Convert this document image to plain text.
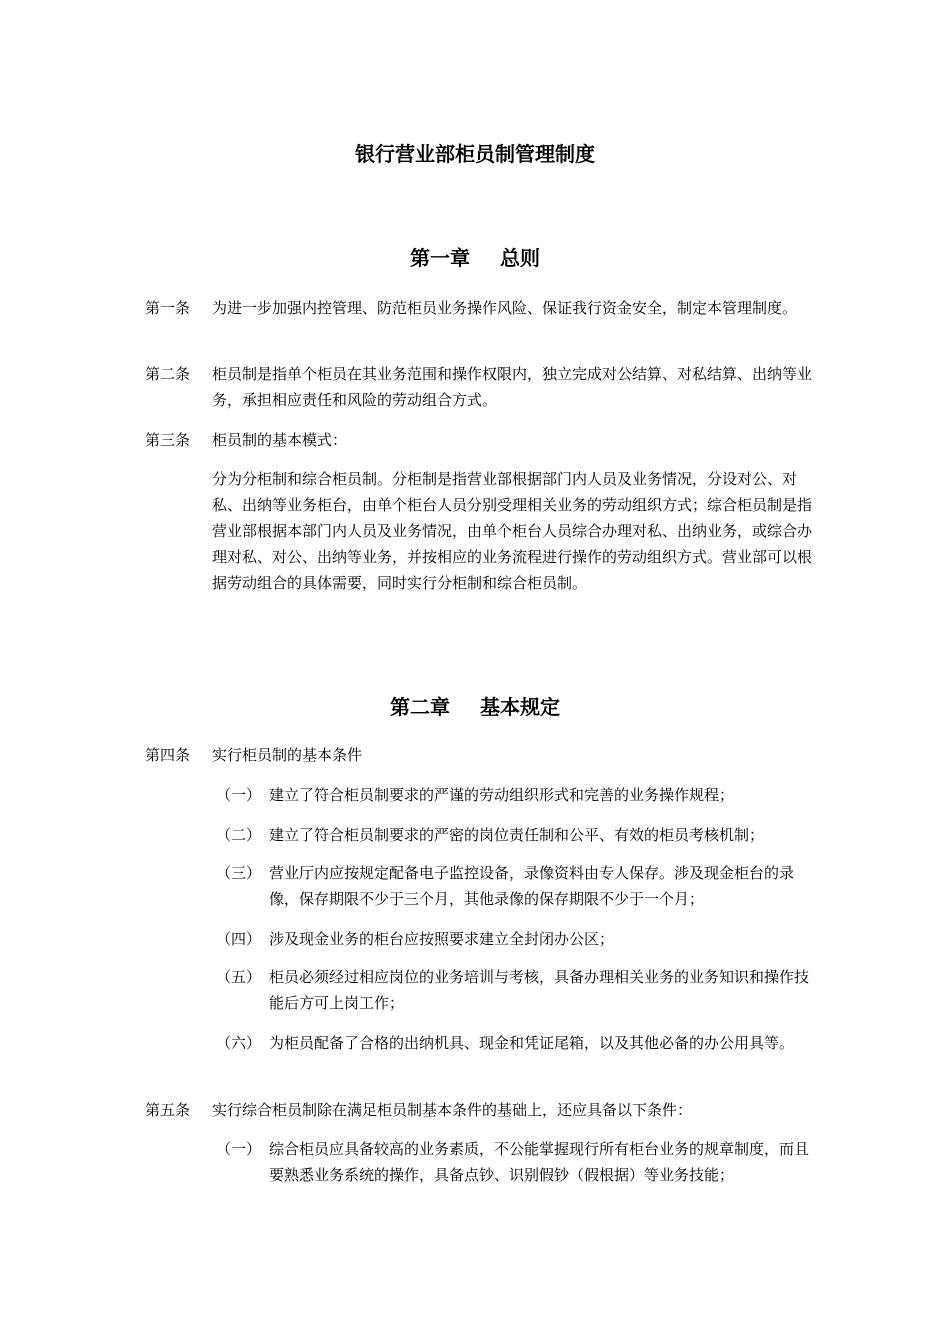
银行营业部柜员制管理制度
第一章 总则
第一条 为进一步加强内控管理、防范柜员业务操作风险、保证我行资金安全，制定本管理制度。
第二条 柜员制是指单个柜员在其业务范围和操作权限内，独立完成对公结算、对私结算、出纳等业务，承担相应责任和风险的劳动组合方式。
第三条 柜员制的基本模式：
分为分柜制和综合柜员制。分柜制是指营业部根据部门内人员及业务情况，分设对公、对私、出纳等业务柜台，由单个柜台人员分别受理相关业务的劳动组织方式；综合柜员制是指营业部根据本部门内人员及业务情况，由单个柜台人员综合办理对私、出纳业务，或综合办理对私、对公、出纳等业务，并按相应的业务流程进行操作的劳动组织方式。营业部可以根据劳动组合的具体需要，同时实行分柜制和综合柜员制。
第二章 基本规定
第四条 实行柜员制的基本条件
（一） 建立了符合柜员制要求的严谨的劳动组织形式和完善的业务操作规程；
（二） 建立了符合柜员制要求的严密的岗位责任制和公平、有效的柜员考核机制；
（三） 营业厅内应按规定配备电子监控设备，录像资料由专人保存。涉及现金柜台的录像，保存期限不少于三个月，其他录像的保存期限不少于一个月；
（四） 涉及现金业务的柜台应按照要求建立全封闭办公区；
（五） 柜员必须经过相应岗位的业务培训与考核，具备办理相关业务的业务知识和操作技能后方可上岗工作；
（六） 为柜员配备了合格的出纳机具、现金和凭证尾箱，以及其他必备的办公用具等。
第五条 实行综合柜员制除在满足柜员制基本条件的基础上，还应具备以下条件：
（一） 综合柜员应具备较高的业务素质，不公能掌握现行所有柜台业务的规章制度，而且要熟悉业务系统的操作，具备点钞、识别假钞（假根据）等业务技能；
